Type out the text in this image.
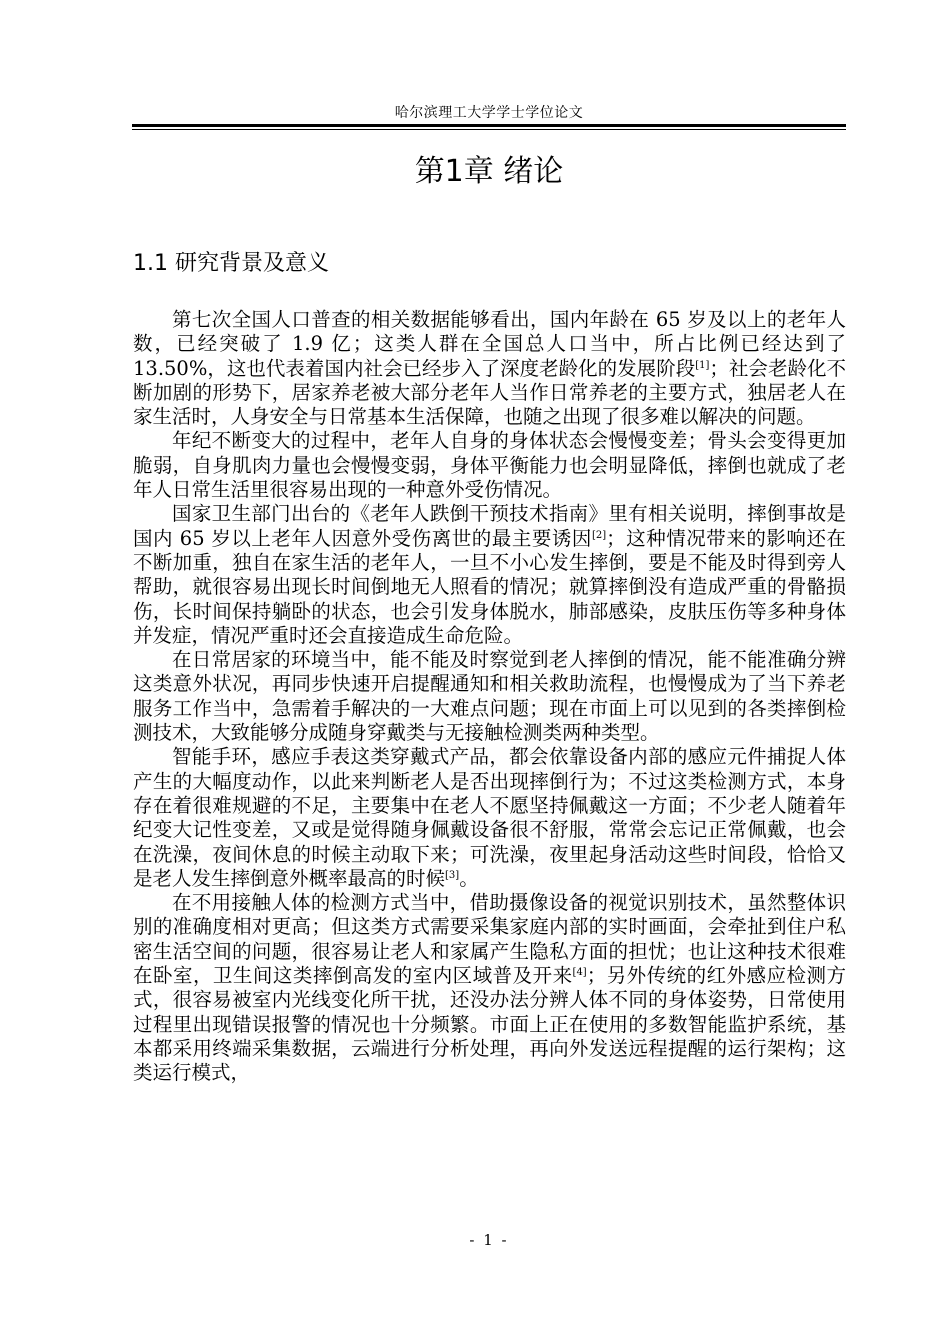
哈尔滨理工大学学士学位论文
第1章 绪论
1.1 研究背景及意义

第七次全国人口普查的相关数据能够看出，国内年龄在 65 岁及以上的老年人数，已经突破了 1.9 亿；这类人群在全国总人口当中，所占比例已经达到了 13.50%，这也代表着国内社会已经步入了深度老龄化的发展阶段[1]；社会老龄化不断加剧的形势下，居家养老被大部分老年人当作日常养老的主要方式，独居老人在家生活时，人身安全与日常基本生活保障，也随之出现了很多难以解决的问题。

年纪不断变大的过程中，老年人自身的身体状态会慢慢变差；骨头会变得更加脆弱，自身肌肉力量也会慢慢变弱，身体平衡能力也会明显降低，摔倒也就成了老年人日常生活里很容易出现的一种意外受伤情况。

国家卫生部门出台的《老年人跌倒干预技术指南》里有相关说明，摔倒事故是国内 65 岁以上老年人因意外受伤离世的最主要诱因[2]；这种情况带来的影响还在不断加重，独自在家生活的老年人，一旦不小心发生摔倒，要是不能及时得到旁人帮助，就很容易出现长时间倒地无人照看的情况；就算摔倒没有造成严重的骨骼损伤，长时间保持躺卧的状态，也会引发身体脱水，肺部感染，皮肤压伤等多种身体并发症，情况严重时还会直接造成生命危险。

在日常居家的环境当中，能不能及时察觉到老人摔倒的情况，能不能准确分辨这类意外状况，再同步快速开启提醒通知和相关救助流程，也慢慢成为了当下养老服务工作当中，急需着手解决的一大难点问题；现在市面上可以见到的各类摔倒检测技术，大致能够分成随身穿戴类与无接触检测类两种类型。

智能手环，感应手表这类穿戴式产品，都会依靠设备内部的感应元件捕捉人体产生的大幅度动作，以此来判断老人是否出现摔倒行为；不过这类检测方式，本身存在着很难规避的不足，主要集中在老人不愿坚持佩戴这一方面；不少老人随着年纪变大记性变差，又或是觉得随身佩戴设备很不舒服，常常会忘记正常佩戴，也会在洗澡，夜间休息的时候主动取下来；可洗澡，夜里起身活动这些时间段，恰恰又是老人发生摔倒意外概率最高的时候[3]。

在不用接触人体的检测方式当中，借助摄像设备的视觉识别技术，虽然整体识别的准确度相对更高；但这类方式需要采集家庭内部的实时画面，会牵扯到住户私密生活空间的问题，很容易让老人和家属产生隐私方面的担忧；也让这种技术很难在卧室，卫生间这类摔倒高发的室内区域普及开来[4]；另外传统的红外感应检测方式，很容易被室内光线变化所干扰，还没办法分辨人体不同的身体姿势，日常使用过程里出现错误报警的情况也十分频繁。市面上正在使用的多数智能监护系统，基本都采用终端采集数据，云端进行分析处理，再向外发送远程提醒的运行架构；这类运行模式，

- 1 -
